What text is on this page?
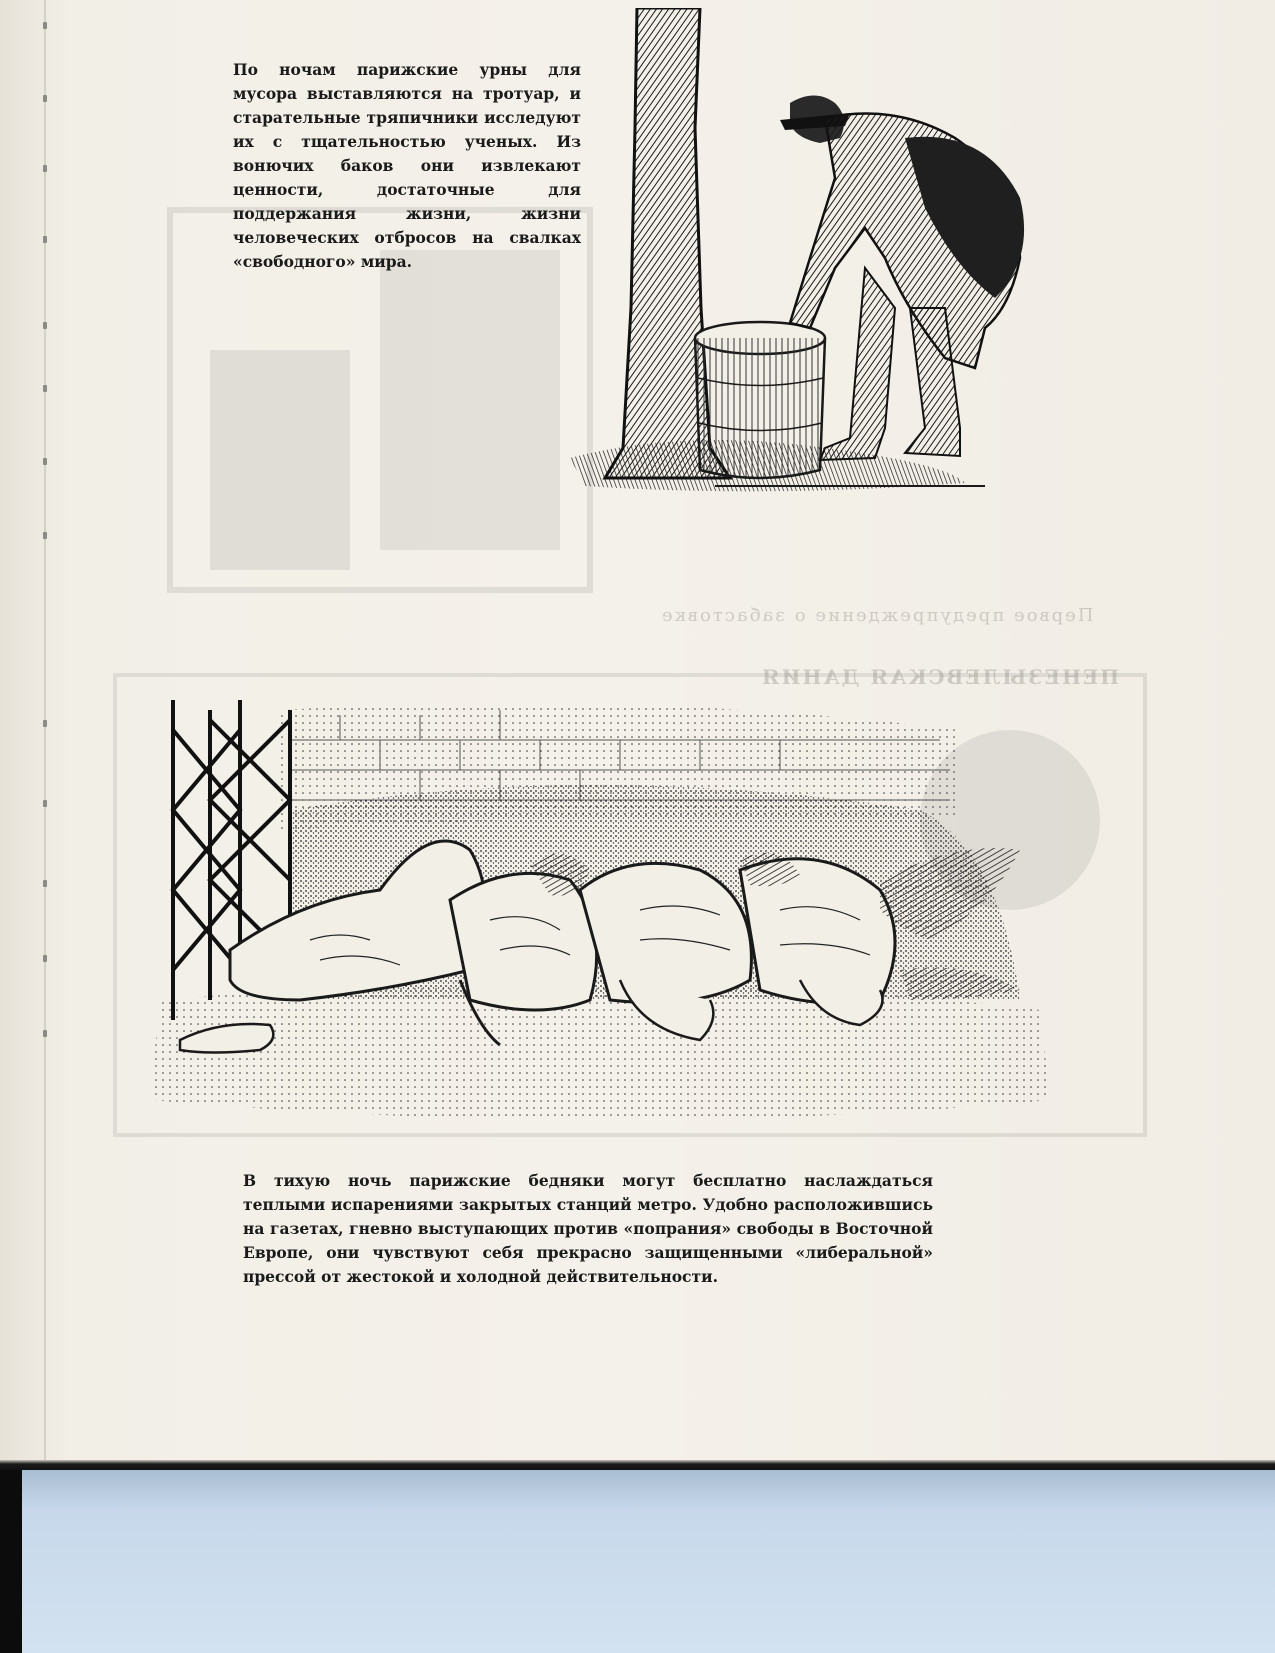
ПЕНЕЗЫЛЕВСКАЯ ДАНИЯ

Первое предупреждение о забастовке

По ночам парижские урны для мусора выставляются на тротуар, и старательные тряпичники исследуют их с тщательностью ученых. Из вонючих баков они извлекают ценности, достаточные для поддержания жизни, жизни человеческих отбросов на свалках «свободного» мира.

В тихую ночь парижские бедняки могут бесплатно наслаждаться теплыми испарениями закрытых станций метро. Удобно расположившись на газетах, гневно выступающих против «попрания» свободы в Восточной Европе, они чувствуют себя прекрасно защищенными «либеральной» прессой от жестокой и холодной действительности.
